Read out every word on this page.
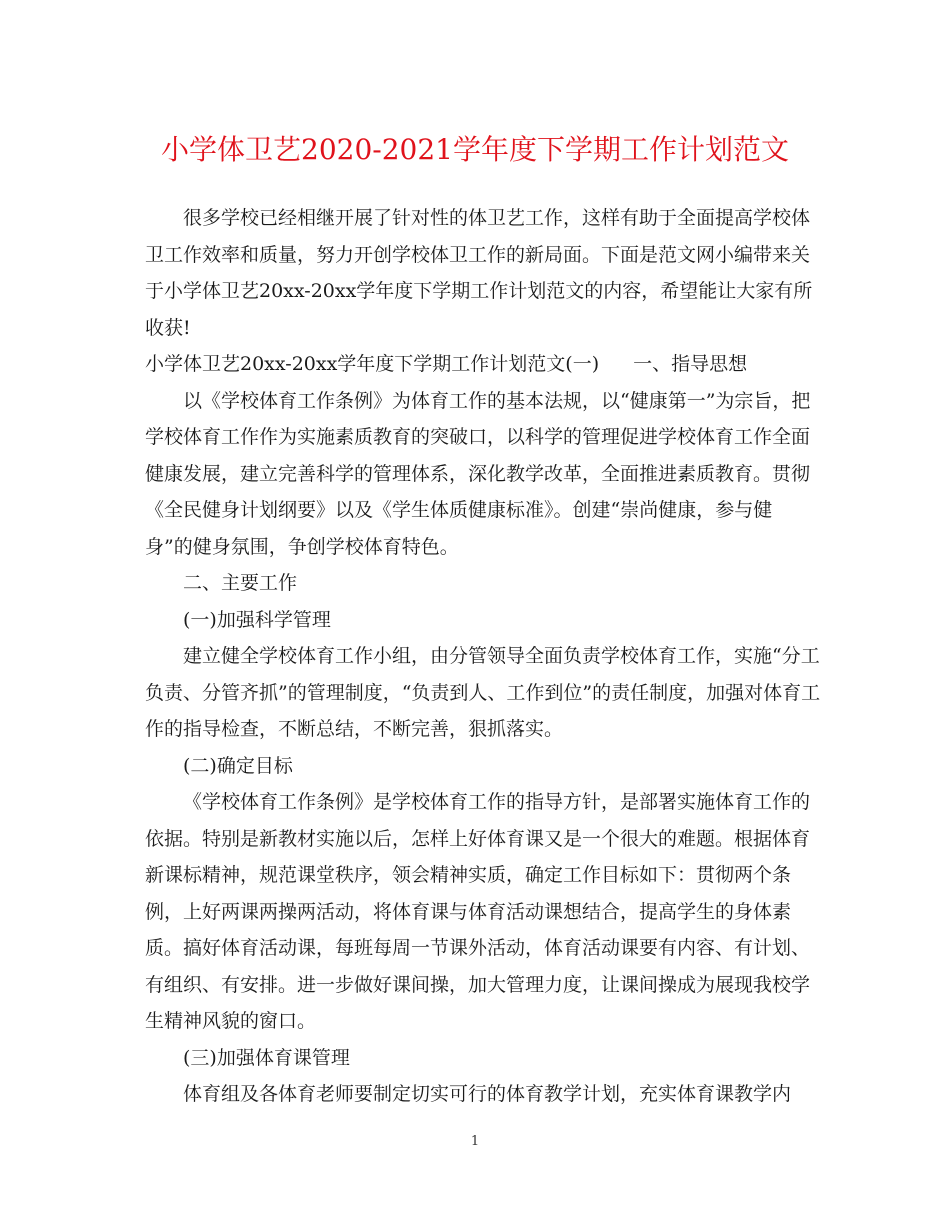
小学体卫艺2020-2021学年度下学期工作计划范文
很多学校已经相继开展了针对性的体卫艺工作，这样有助于全面提高学校体
卫工作效率和质量，努力开创学校体卫工作的新局面。下面是范文网小编带来关
于小学体卫艺20xx-20xx学年度下学期工作计划范文的内容，希望能让大家有所
收获!
小学体卫艺20xx-20xx学年度下学期工作计划范文(一) 一、指导思想
以《学校体育工作条例》为体育工作的基本法规，以“健康第一”为宗旨，把
学校体育工作作为实施素质教育的突破口，以科学的管理促进学校体育工作全面
健康发展，建立完善科学的管理体系，深化教学改革，全面推进素质教育。贯彻
《全民健身计划纲要》以及《学生体质健康标准》。创建“崇尚健康，参与健
身”的健身氛围，争创学校体育特色。
二、主要工作
(一)加强科学管理
建立健全学校体育工作小组，由分管领导全面负责学校体育工作，实施“分工
负责、分管齐抓”的管理制度，“负责到人、工作到位”的责任制度，加强对体育工
作的指导检查，不断总结，不断完善，狠抓落实。
(二)确定目标
《学校体育工作条例》是学校体育工作的指导方针，是部署实施体育工作的
依据。特别是新教材实施以后，怎样上好体育课又是一个很大的难题。根据体育
新课标精神，规范课堂秩序，领会精神实质，确定工作目标如下：贯彻两个条
例，上好两课两操两活动，将体育课与体育活动课想结合，提高学生的身体素
质。搞好体育活动课，每班每周一节课外活动，体育活动课要有内容、有计划、
有组织、有安排。进一步做好课间操，加大管理力度，让课间操成为展现我校学
生精神风貌的窗口。
(三)加强体育课管理
体育组及各体育老师要制定切实可行的体育教学计划，充实体育课教学内
1
